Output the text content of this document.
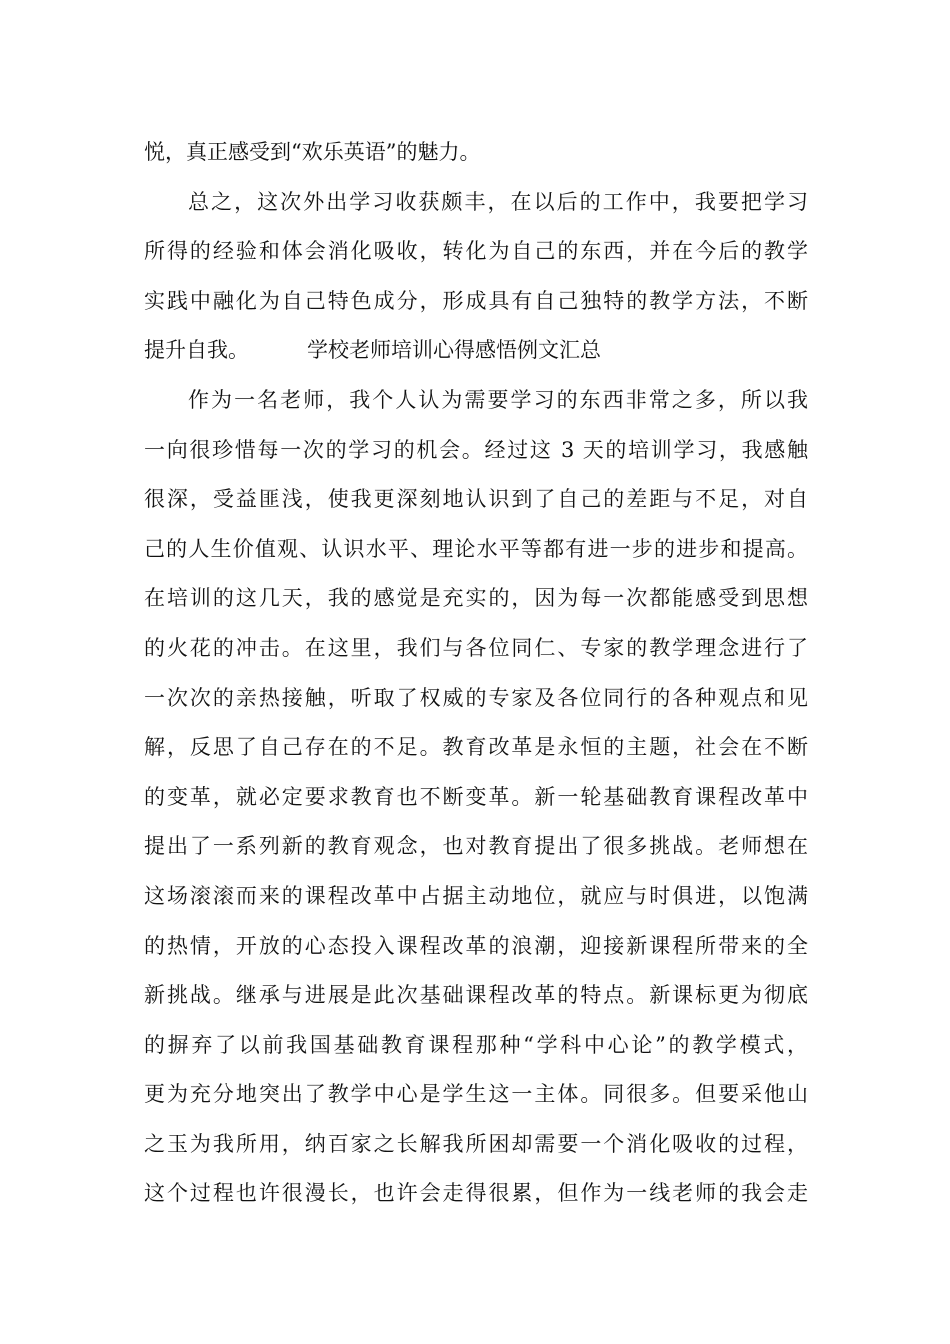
悦，真正感受到“欢乐英语”的魅力。
总之，这次外出学习收获颇丰，在以后的工作中，我要把学习
所得的经验和体会消化吸收，转化为自己的东西，并在今后的教学
实践中融化为自己特色成分，形成具有自己独特的教学方法，不断
提升自我。	学校老师培训心得感悟例文汇总
作为一名老师，我个人认为需要学习的东西非常之多，所以我
一向很珍惜每一次的学习的机会。经过这 3 天的培训学习，我感触
很深，受益匪浅，使我更深刻地认识到了自己的差距与不足，对自
己的人生价值观、认识水平、理论水平等都有进一步的进步和提高。
在培训的这几天，我的感觉是充实的，因为每一次都能感受到思想
的火花的冲击。在这里，我们与各位同仁、专家的教学理念进行了
一次次的亲热接触，听取了权威的专家及各位同行的各种观点和见
解，反思了自己存在的不足。教育改革是永恒的主题，社会在不断
的变革，就必定要求教育也不断变革。新一轮基础教育课程改革中
提出了一系列新的教育观念，也对教育提出了很多挑战。老师想在
这场滚滚而来的课程改革中占据主动地位，就应与时俱进，以饱满
的热情，开放的心态投入课程改革的浪潮，迎接新课程所带来的全
新挑战。继承与进展是此次基础课程改革的特点。新课标更为彻底
的摒弃了以前我国基础教育课程那种“学科中心论”的教学模式，
更为充分地突出了教学中心是学生这一主体。同很多。但要采他山
之玉为我所用，纳百家之长解我所困却需要一个消化吸收的过程，
这个过程也许很漫长，也许会走得很累，但作为一线老师的我会走
